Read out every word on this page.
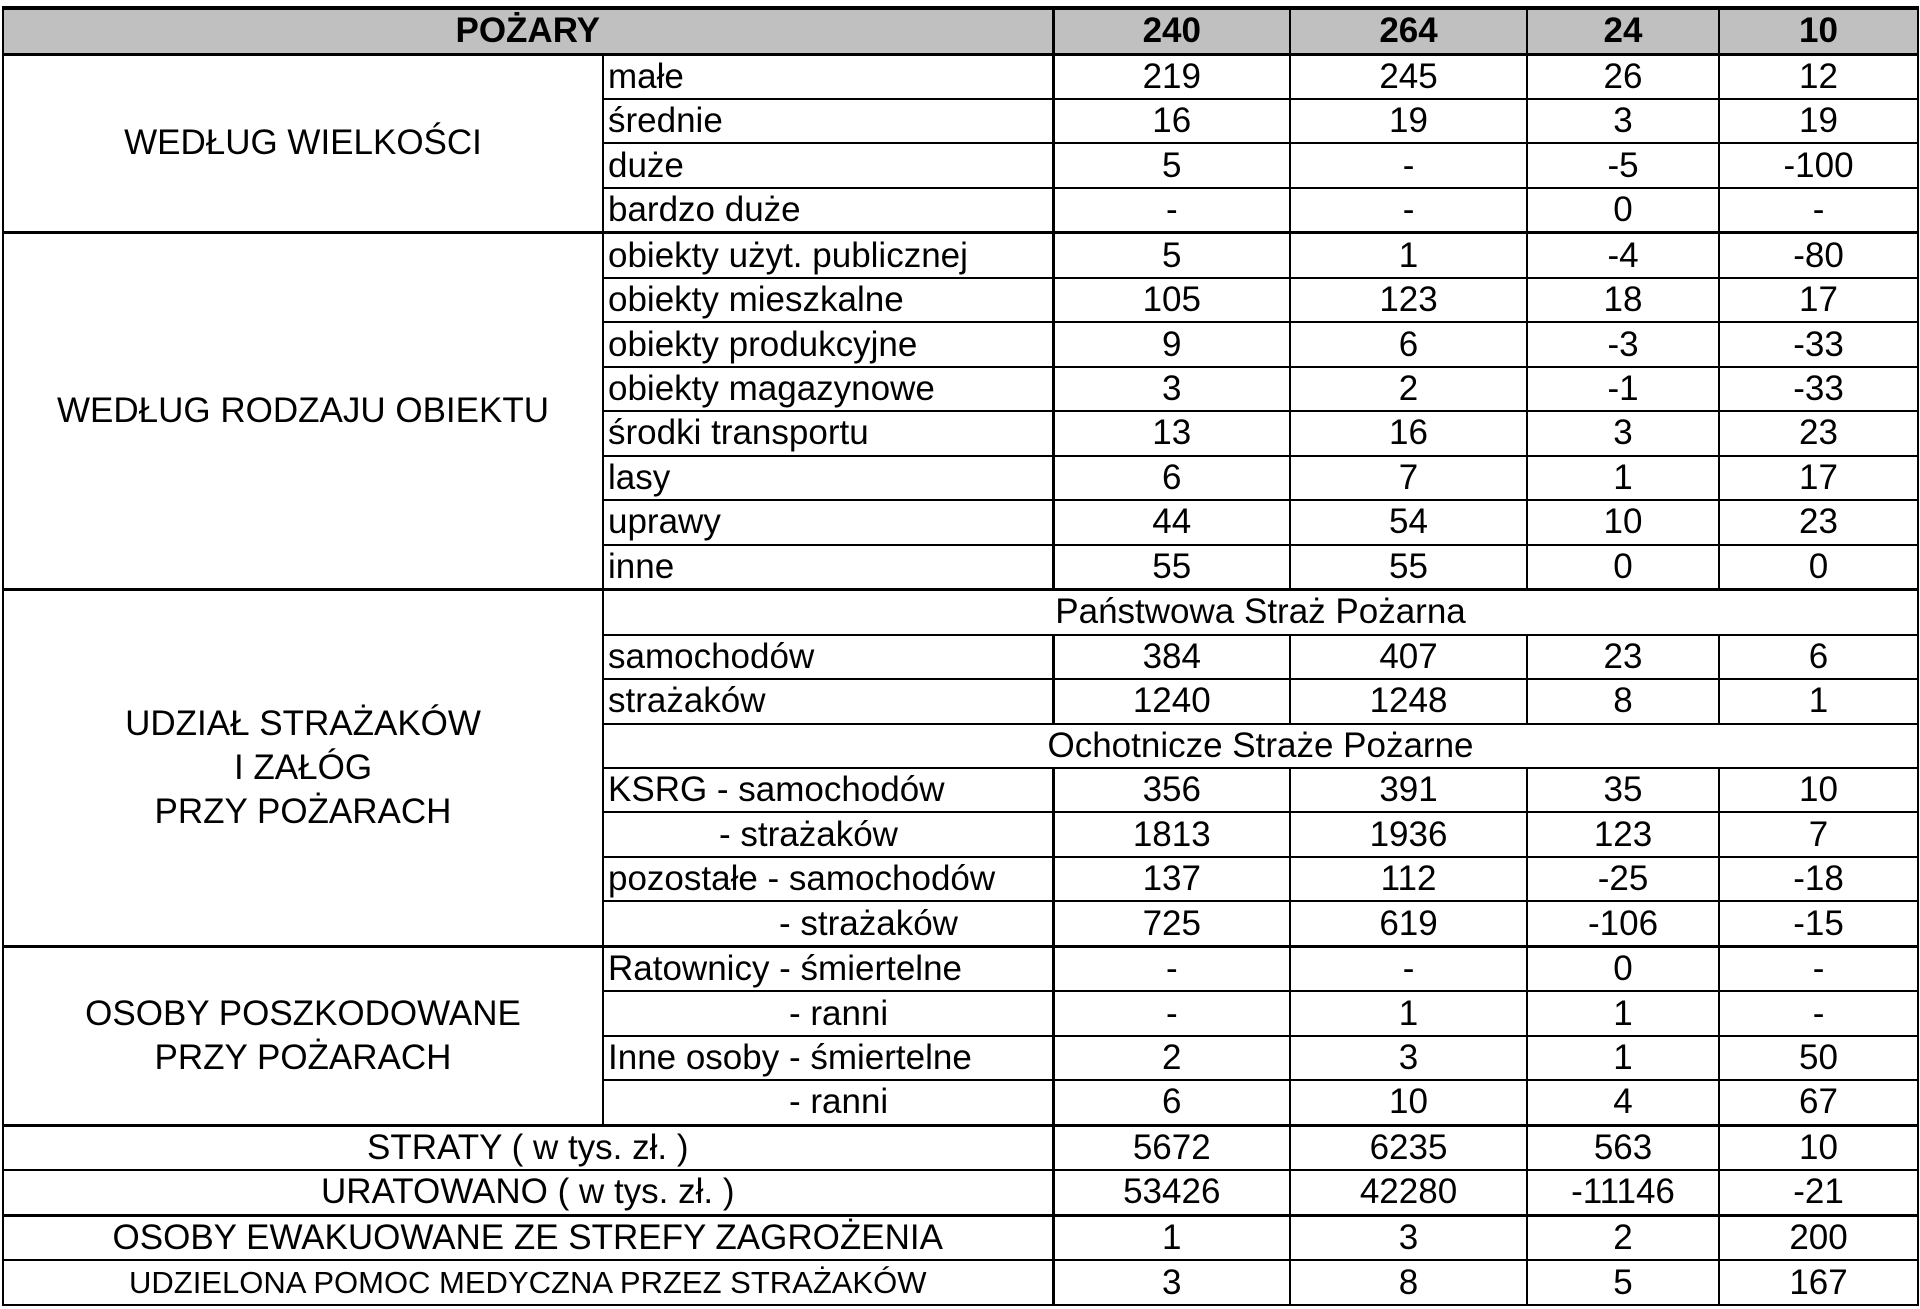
POŻARY		240	264	24	10
WEDŁUG WIELKOŚCI	małe	219	245	26	12
	średnie	16	19	3	19
	duże	5	-	-5	-100
	bardzo duże	-	-	0	-
WEDŁUG RODZAJU OBIEKTU	obiekty użyt. publicznej	5	1	-4	-80
	obiekty mieszkalne	105	123	18	17
	obiekty produkcyjne	9	6	-3	-33
	obiekty magazynowe	3	2	-1	-33
	środki transportu	13	16	3	23
	lasy	6	7	1	17
	uprawy	44	54	10	23
	inne	55	55	0	0

UDZIAŁ STRAŻAKÓW
I ZAŁÓG
PRZY POŻARACH	Państwowa Straż Pożarna				
	samochodów	384	407	23	6
	strażaków	1240	1248	8	1
	Ochotnicze Straże Pożarne				
	KSRG - samochodów	356	391	35	10
	- strażaków	1813	1936	123	7
	pozostałe - samochodów	137	112	-25	-18
	- strażaków	725	619	-106	-15

OSOBY POSZKODOWANE
PRZY POŻARACH	Ratownicy - śmiertelne	-	-	0	-
	- ranni	-	1	1	-
	Inne osoby - śmiertelne	2	3	1	50
	- ranni	6	10	4	67
STRATY ( w tys. zł. )		5672	6235	563	10
URATOWANO ( w tys. zł. )		53426	42280	-11146	-21
OSOBY EWAKUOWANE ZE STREFY ZAGROŻENIA		1	3	2	200
UDZIELONA POMOC MEDYCZNA PRZEZ STRAŻAKÓW		3	8	5	167
